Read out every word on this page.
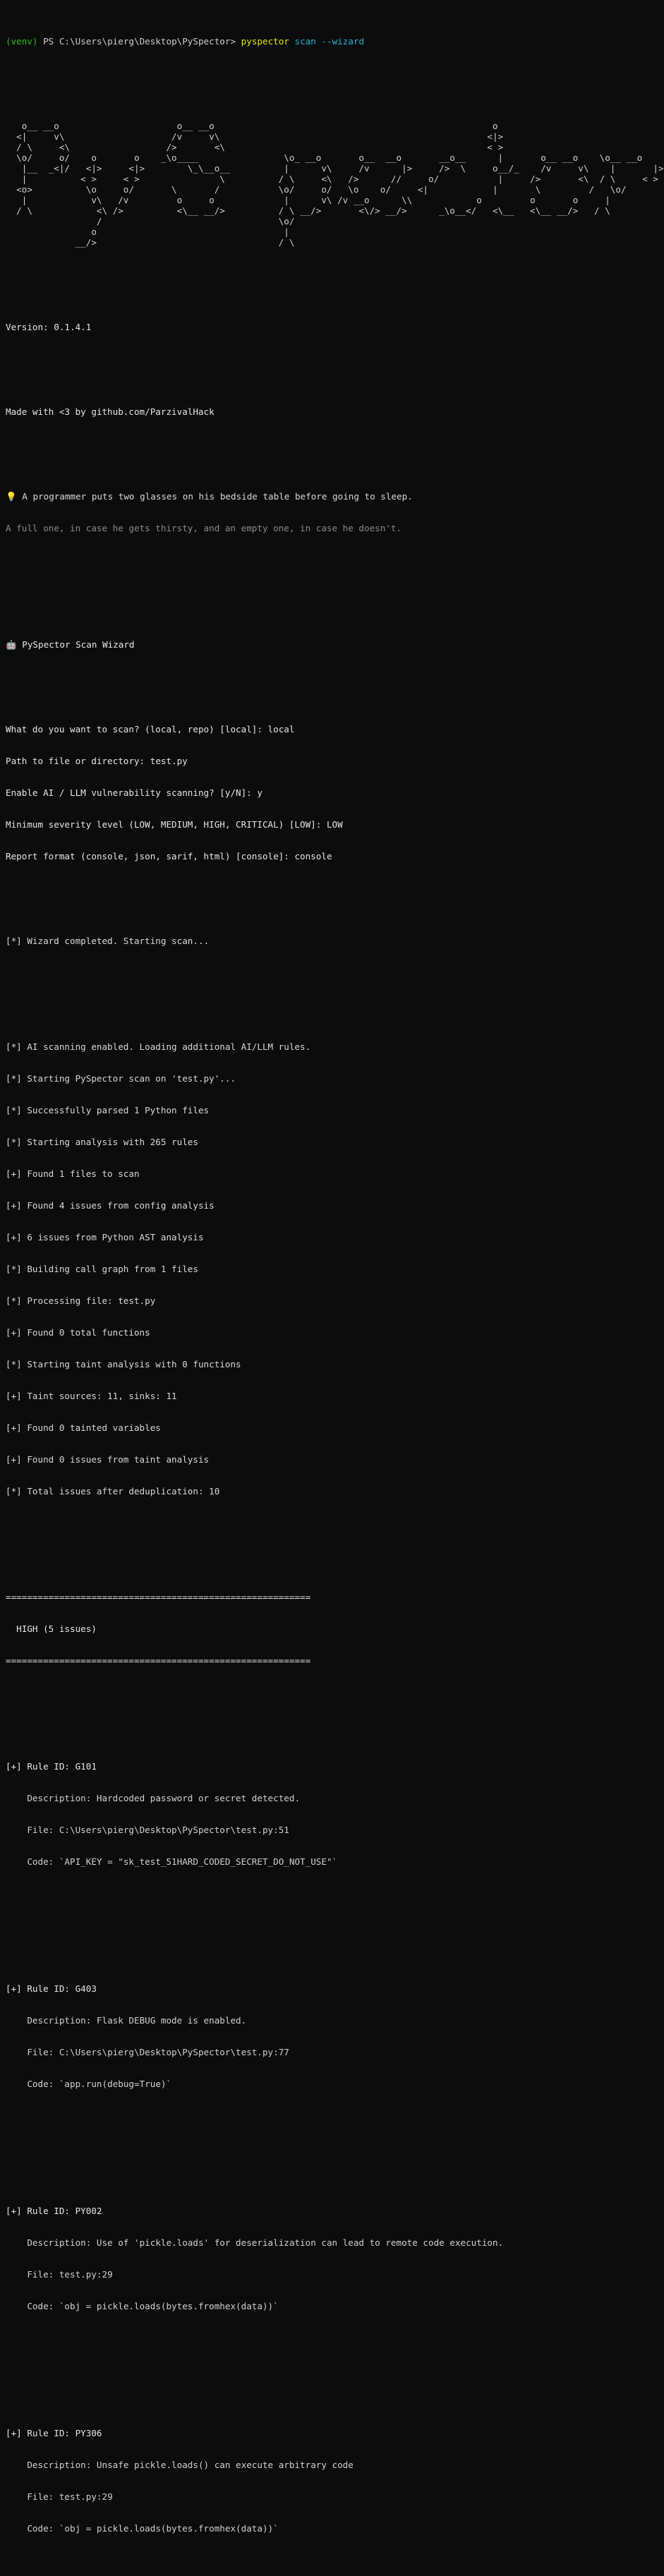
(venv) PS C:\Users\pierg\Desktop\PySpector> pyspector scan --wizard

o__ __o                      o__ __o                                                    o
<|     v\                    /v     v\                                                  <|>
/ \     <\                  />       <\                                                 < >
\o/     o/    o       o    _\o____                \o_ __o       o__  __o       __o__      |       o__ __o    \o__ __o
|__  _<|/   <|>     <|>        \_\__o__          |      v\     /v      |>     />  \     o__/_    /v     v\    |       |>
|          < >     < >               \          / \     <\   />      //     o/           |     />       <\  / \     < >
<o>          \o     o/       \       /           \o/     o/   \o    o/     <|            |       \         /   \o/
|            v\   /v         o     o             |      v\ /v __o      \\            o         o       o     |
/ \            <\ />          <\__ __/>          / \ __/>       <\/> __/>      _\o__</   <\__   <\__ __/>   / \
/                                 \o/
o                                   |
__/>                                  / \

Version: 0.1.4.1

Made with <3 by github.com/ParzivalHack

💡 A programmer puts two glasses on his bedside table before going to sleep.

A full one, in case he gets thirsty, and an empty one, in case he doesn't.

🤖 PySpector Scan Wizard

What do you want to scan? (local, repo) [local]: local

Path to file or directory: test.py

Enable AI / LLM vulnerability scanning? [y/N]: y

Minimum severity level (LOW, MEDIUM, HIGH, CRITICAL) [LOW]: LOW

Report format (console, json, sarif, html) [console]: console

[*] Wizard completed. Starting scan...

[*] AI scanning enabled. Loading additional AI/LLM rules.

[*] Starting PySpector scan on 'test.py'...

[*] Successfully parsed 1 Python files

[*] Starting analysis with 265 rules

[+] Found 1 files to scan

[+] Found 4 issues from config analysis

[+] 6 issues from Python AST analysis

[*] Building call graph from 1 files

[*] Processing file: test.py

[+] Found 0 total functions

[*] Starting taint analysis with 0 functions

[+] Taint sources: 11, sinks: 11

[+] Found 0 tainted variables

[+] Found 0 issues from taint analysis

[*] Total issues after deduplication: 10

=========================================================

HIGH (5 issues)

=========================================================

[+] Rule ID: G101

Description: Hardcoded password or secret detected.

File: C:\Users\pierg\Desktop\PySpector\test.py:51

Code: `API_KEY = "sk_test_51HARD_CODED_SECRET_DO_NOT_USE"`

[+] Rule ID: G403

Description: Flask DEBUG mode is enabled.

File: C:\Users\pierg\Desktop\PySpector\test.py:77

Code: `app.run(debug=True)`

[+] Rule ID: PY002

Description: Use of 'pickle.loads' for deserialization can lead to remote code execution.

File: test.py:29

Code: `obj = pickle.loads(bytes.fromhex(data))`

[+] Rule ID: PY306

Description: Unsafe pickle.loads() can execute arbitrary code

File: test.py:29

Code: `obj = pickle.loads(bytes.fromhex(data))`
